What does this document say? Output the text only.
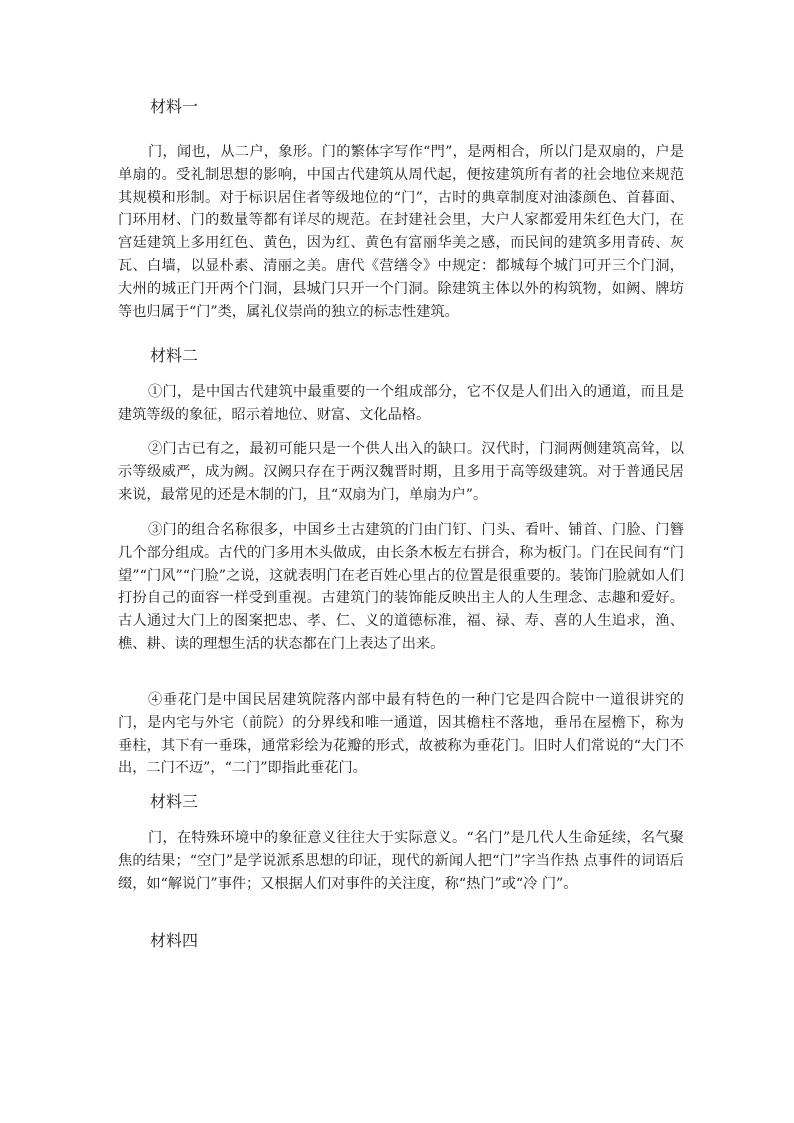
材料一

门，闻也，从二户，象形。门的繁体字写作“門”，是两相合，所以门是双扇的，户是单扇的。受礼制思想的影响，中国古代建筑从周代起，便按建筑所有者的社会地位来规范其规模和形制。对于标识居住者等级地位的“门”，古时的典章制度对油漆颜色、首暮面、门环用材、门的数量等都有详尽的规范。在封建社会里，大户人家都爱用朱红色大门，在宫廷建筑上多用红色、黄色，因为红、黄色有富丽华美之感，而民间的建筑多用青砖、灰瓦、白墙，以显朴素、清丽之美。唐代《营缮令》中规定：都城每个城门可开三个门洞，大州的城正门开两个门洞，县城门只开一个门洞。除建筑主体以外的构筑物，如阙、牌坊等也归属于“门”类，属礼仪崇尚的独立的标志性建筑。

材料二

①门，是中国古代建筑中最重要的一个组成部分，它不仅是人们出入的通道，而且是建筑等级的象征，昭示着地位、财富、文化品格。

②门古已有之，最初可能只是一个供人出入的缺口。汉代时，门洞两侧建筑高耸，以示等级威严，成为阙。汉阙只存在于两汉魏晋时期，且多用于高等级建筑。对于普通民居来说，最常见的还是木制的门，且“双扇为门，单扇为户”。

③门的组合名称很多，中国乡土古建筑的门由门钉、门头、看叶、铺首、门脸、门簪几个部分组成。古代的门多用木头做成，由长条木板左右拼合，称为板门。门在民间有“门望”“门风”“门脸”之说，这就表明门在老百姓心里占的位置是很重要的。装饰门脸就如人们打扮自己的面容一样受到重视。古建筑门的装饰能反映出主人的人生理念、志趣和爱好。古人通过大门上的图案把忠、孝、仁、义的道德标准，福、禄、寿、喜的人生追求，渔、樵、耕、读的理想生活的状态都在门上表达了出来。

④垂花门是中国民居建筑院落内部中最有特色的一种门它是四合院中一道很讲究的门，是内宅与外宅（前院）的分界线和唯一通道，因其檐柱不落地，垂吊在屋檐下，称为垂柱，其下有一垂珠，通常彩绘为花瓣的形式，故被称为垂花门。旧时人们常说的“大门不出，二门不迈”，“二门”即指此垂花门。

材料三

门，在特殊环境中的象征意义往往大于实际意义。“名门”是几代人生命延续，名气聚焦的结果；“空门”是学说派系思想的印证，现代的新闻人把“门”字当作热 点事件的词语后缀，如“解说门”事件；又根据人们对事件的关注度，称“热门”或“冷 门”。

材料四
